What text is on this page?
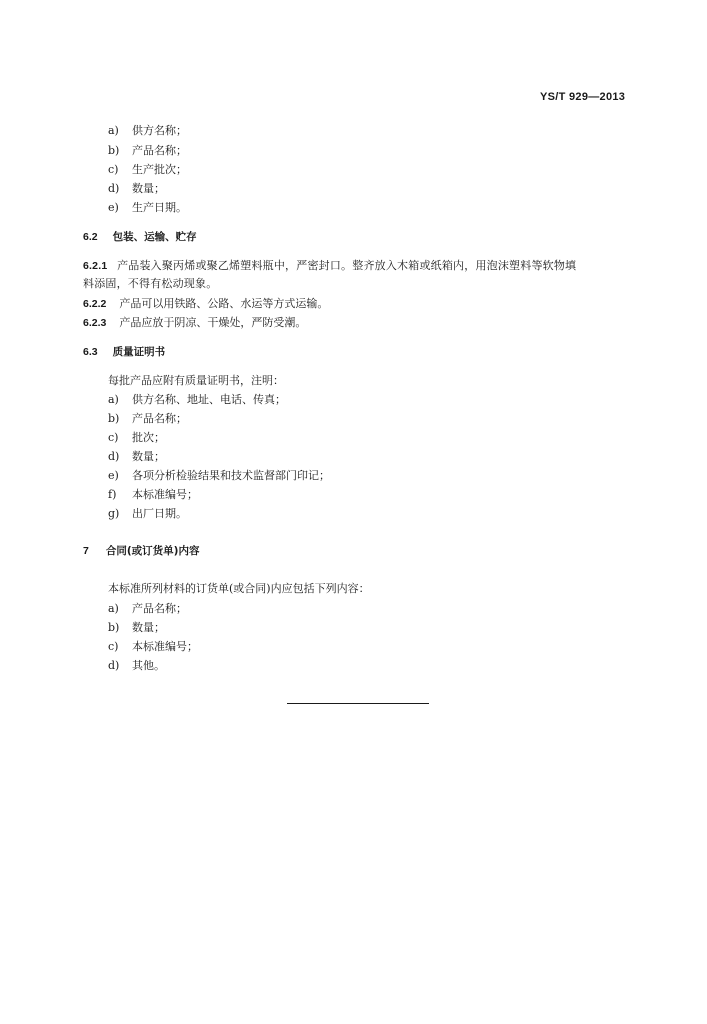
YS/T 929—2013
a) 供方名称；
b) 产品名称；
c) 生产批次；
d) 数量；
e) 生产日期。
6.2 包装、运输、贮存
6.2.1 产品装入聚丙烯或聚乙烯塑料瓶中，严密封口。整齐放入木箱或纸箱内，用泡沫塑料等软物填
料添固，不得有松动现象。
6.2.2 产品可以用铁路、公路、水运等方式运输。
6.2.3 产品应放于阴凉、干燥处，严防受潮。
6.3 质量证明书
每批产品应附有质量证明书，注明：
a) 供方名称、地址、电话、传真；
b) 产品名称；
c) 批次；
d) 数量；
e) 各项分析检验结果和技术监督部门印记；
f) 本标准编号；
g) 出厂日期。
7 合同(或订货单)内容
本标准所列材料的订货单(或合同)内应包括下列内容：
a) 产品名称；
b) 数量；
c) 本标准编号；
d) 其他。
